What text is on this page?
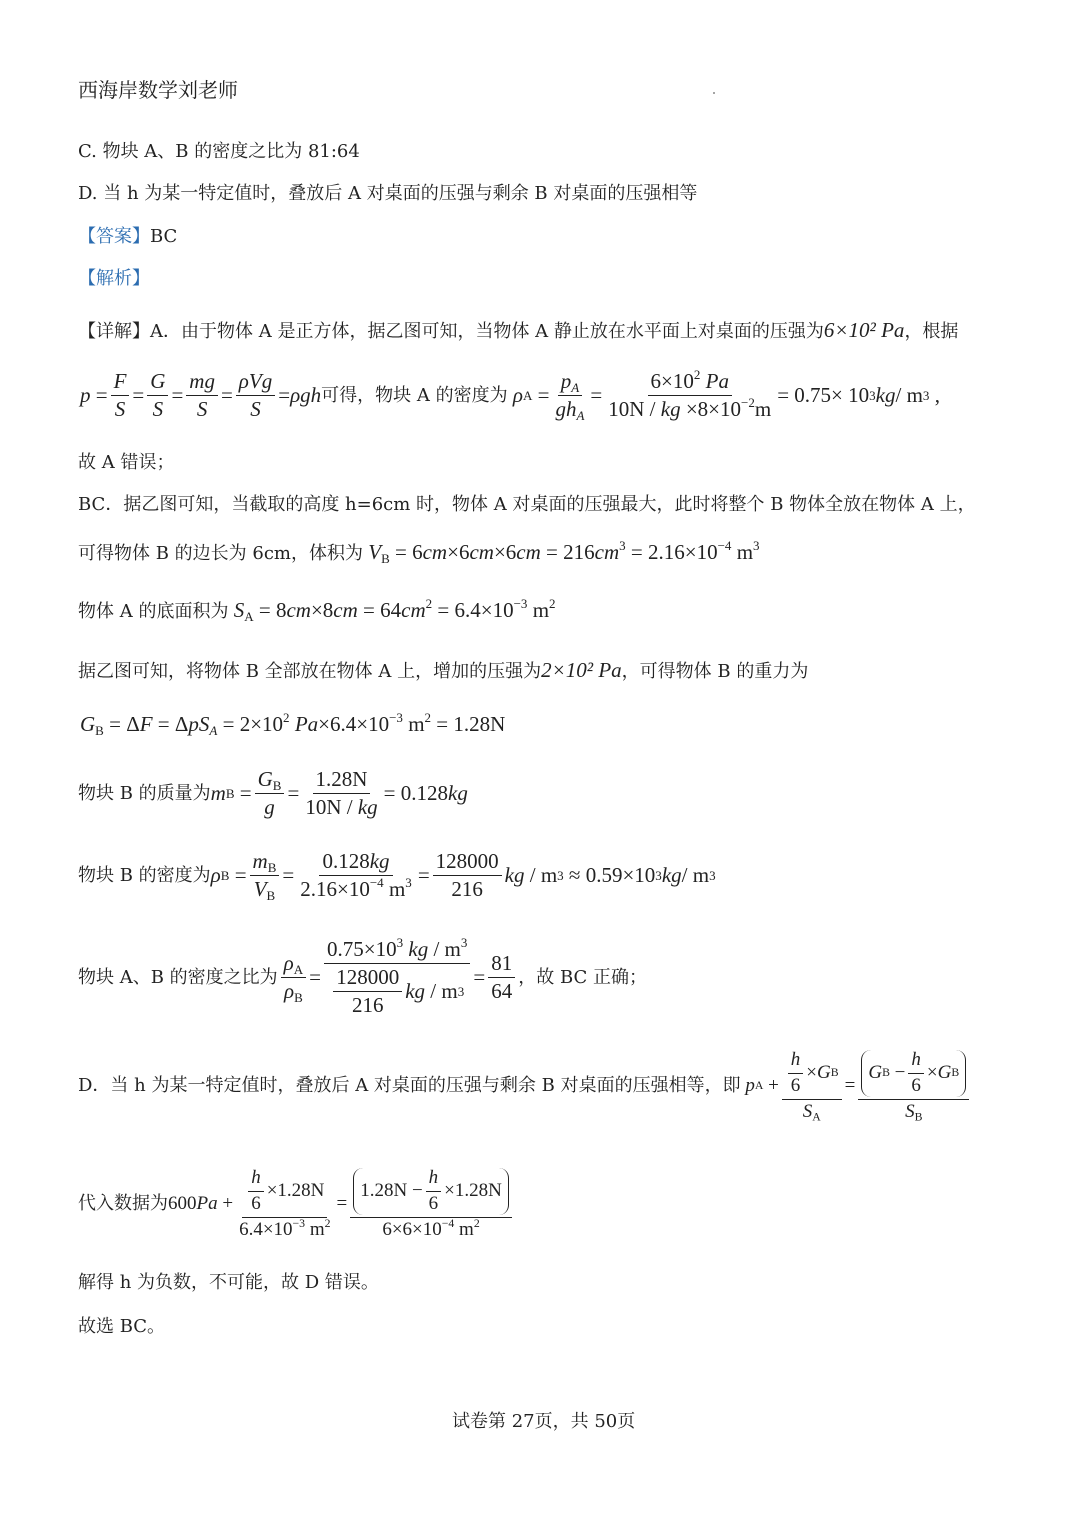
西海岸数学刘老师
C. 物块 A、B 的密度之比为 81:64
D. 当 h 为某一特定值时，叠放后 A 对桌面的压强与剩余 B 对桌面的压强相等
【答案】BC
【解析】
【详解】A．由于物体 A 是正方体，据乙图可知，当物体 A 静止放在水平面上对桌面的压强为6×10² Pa，根据
$p = \frac{F}{S} = \frac{G}{S} = \frac{mg}{S} = \frac{\text{ρVg}}{S} = \rho gh$ 可得，物块 A 的密度为 ρ $A = \frac{p_A}{gh_A} = \frac{6\times 10^2 Pa}{10N / kg \times 8\times 10^{-2}m} = 0.75\times 10$ 3 kg / m 3 ,
故 A 错误；
BC．据乙图可知，当截取的高度 h=6cm 时，物体 A 对桌面的压强最大，此时将整个 B 物体全放在物体 A 上，
可得物体 B 的边长为 6cm，体积为 $V_B = 6cm\times 6cm\times 6cm = 216cm^3 = 2.16\times 10^{-4}$ $m^3$
物体 A 的底面积为 $S_A = 8cm\times 8cm = 64cm^2 = 6.4\times 10^{-3}$ $m^2$
据乙图可知，将物体 B 全部放在物体 A 上，增加的压强为 2×10² Pa ，可得物体 B 的重力为
$G_B = \Delta F = \Delta pS_A = 2\times 10^2$ $Pa\times 6.4\times 10^{-3}$ $m^2 = 1.28N$
物块 B 的质量为 m $B = \frac{G_B}{g} = \frac{1.28N}{10N / kg} = 0.128$ kg
物块 B 的密度为 ρ $B = \frac{m_B}{V_B} = \frac{0.128kg}{2.16\times 10^{-4} m^3} = \frac{128000}{216}$ kg / m 3 ≈ 0.59×10 3 kg / m 3
物块 A、B 的密度之比为 $\frac{\rho_A}{\rho_B} = \frac{0.75\times 10^3 kg / m^3}{\frac{128000}{216} kg / m 3} = \frac{81}{64}$ ，故 BC 正确；
D．当 h 为某一特定值时，叠放后 A 对桌面的压强与剩余 B 对桌面的压强相等，即
p $A + \frac{\frac{h}{6} \times G B}{S_A} = \frac{G B - \frac{h}{6} \times G B}{S_B}$
代入数据为 600 $Pa + \frac{\frac{h}{6} \times 1.28N}{6.4\times 10^{-3} m^2} = \frac{1.28N - \frac{h}{6} \times 1.28N}{6\times 6\times 10^{-4} m^2}$
解得 h 为负数，不可能，故 D 错误。
故选 BC。
试卷第 27页，共 50页
